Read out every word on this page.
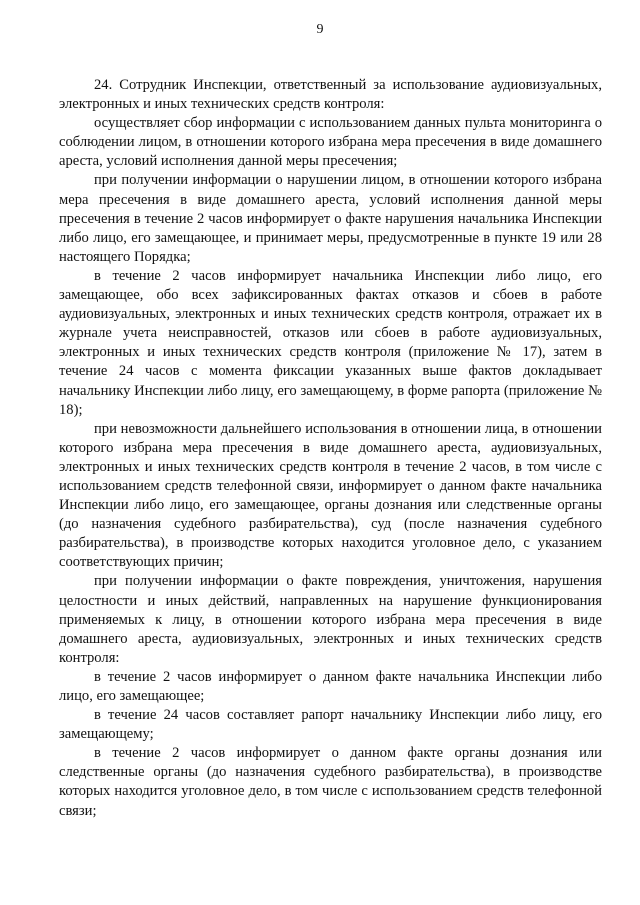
9

24. Сотрудник Инспекции, ответственный за использование аудиовизуальных, электронных и иных технических средств контроля:

осуществляет сбор информации с использованием данных пульта мониторинга о соблюдении лицом, в отношении которого избрана мера пресечения в виде домашнего ареста, условий исполнения данной меры пресечения;

при получении информации о нарушении лицом, в отношении которого избрана мера пресечения в виде домашнего ареста, условий исполнения данной меры пресечения в течение 2 часов информирует о факте нарушения начальника Инспекции либо лицо, его замещающее, и принимает меры, предусмотренные в пункте 19 или 28 настоящего Порядка;

в течение 2 часов информирует начальника Инспекции либо лицо, его замещающее, обо всех зафиксированных фактах отказов и сбоев в работе аудиовизуальных, электронных и иных технических средств контроля, отражает их в журнале учета неисправностей, отказов или сбоев в работе аудиовизуальных, электронных и иных технических средств контроля (приложение № 17), затем в течение 24 часов с момента фиксации указанных выше фактов докладывает начальнику Инспекции либо лицу, его замещающему, в форме рапорта (приложение № 18);

при невозможности дальнейшего использования в отношении лица, в отношении которого избрана мера пресечения в виде домашнего ареста, аудиовизуальных, электронных и иных технических средств контроля в течение 2 часов, в том числе с использованием средств телефонной связи, информирует о данном факте начальника Инспекции либо лицо, его замещающее, органы дознания или следственные органы (до назначения судебного разбирательства), суд (после назначения судебного разбирательства), в производстве которых находится уголовное дело, с указанием соответствующих причин;

при получении информации о факте повреждения, уничтожения, нарушения целостности и иных действий, направленных на нарушение функционирования применяемых к лицу, в отношении которого избрана мера пресечения в виде домашнего ареста, аудиовизуальных, электронных и иных технических средств контроля:

в течение 2 часов информирует о данном факте начальника Инспекции либо лицо, его замещающее;

в течение 24 часов составляет рапорт начальнику Инспекции либо лицу, его замещающему;

в течение 2 часов информирует о данном факте органы дознания или следственные органы (до назначения судебного разбирательства), в производстве которых находится уголовное дело, в том числе с использованием средств телефонной связи;
